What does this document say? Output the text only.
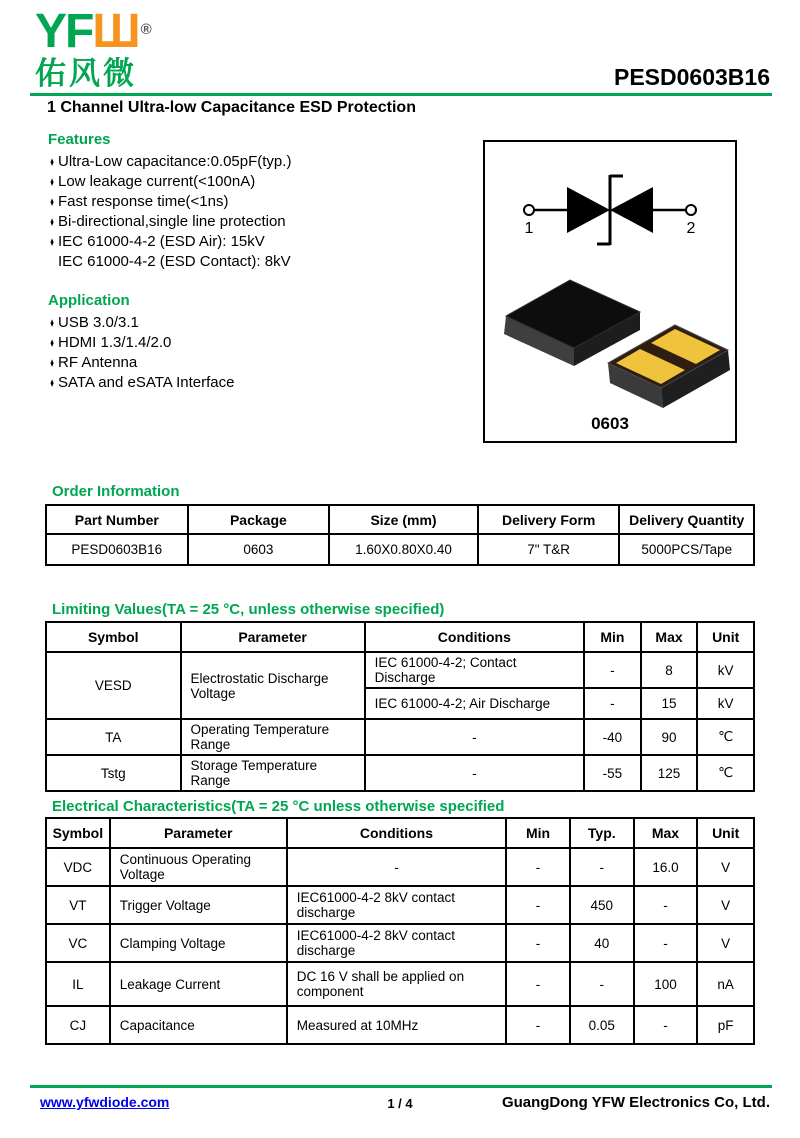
YFШ ®
佑风微	PESD0603B16
1 Channel Ultra-low Capacitance ESD Protection
Features
♦ Ultra-Low capacitance:0.05pF(typ.)
♦ Low leakage current(<100nA)
♦ Fast response time(<1ns)
♦ Bi-directional,single line protection
♦ IEC 61000-4-2 (ESD Air): 15kV
IEC 61000-4-2 (ESD Contact): 8kV
Application
♦ USB 3.0/3.1
♦ HDMI 1.3/1.4/2.0
♦ RF Antenna
♦ SATA and eSATA Interface
1	2
0603
Order Information
Part Number	Package	Size (mm)	Delivery Form	Delivery Quantity
PESD0603B16	0603	1.60X0.80X0.40	7" T&R	5000PCS/Tape
Limiting Values(TA = 25 °C, unless otherwise specified)
Symbol	Parameter	Conditions	Min	Max	Unit
VESD	Electrostatic Discharge Voltage	IEC 61000-4-2; Contact Discharge	-	8	kV
		IEC 61000-4-2; Air Discharge	-	15	kV
TA	Operating Temperature Range	-	-40	90	℃
Tstg	Storage Temperature Range	-	-55	125	℃
Electrical Characteristics(TA = 25 °C unless otherwise specified
Symbol	Parameter	Conditions	Min	Typ.	Max	Unit
VDC	Continuous Operating Voltage	-	-	-	16.0	V
VT	Trigger Voltage	IEC61000-4-2 8kV contact discharge	-	450	-	V
VC	Clamping Voltage	IEC61000-4-2 8kV contact discharge	-	40	-	V
IL	Leakage Current	DC 16 V shall be applied on component	-	-	100	nA
CJ	Capacitance	Measured at 10MHz	-	0.05	-	pF
www.yfwdiode.com	1 / 4	GuangDong YFW Electronics Co, Ltd.
